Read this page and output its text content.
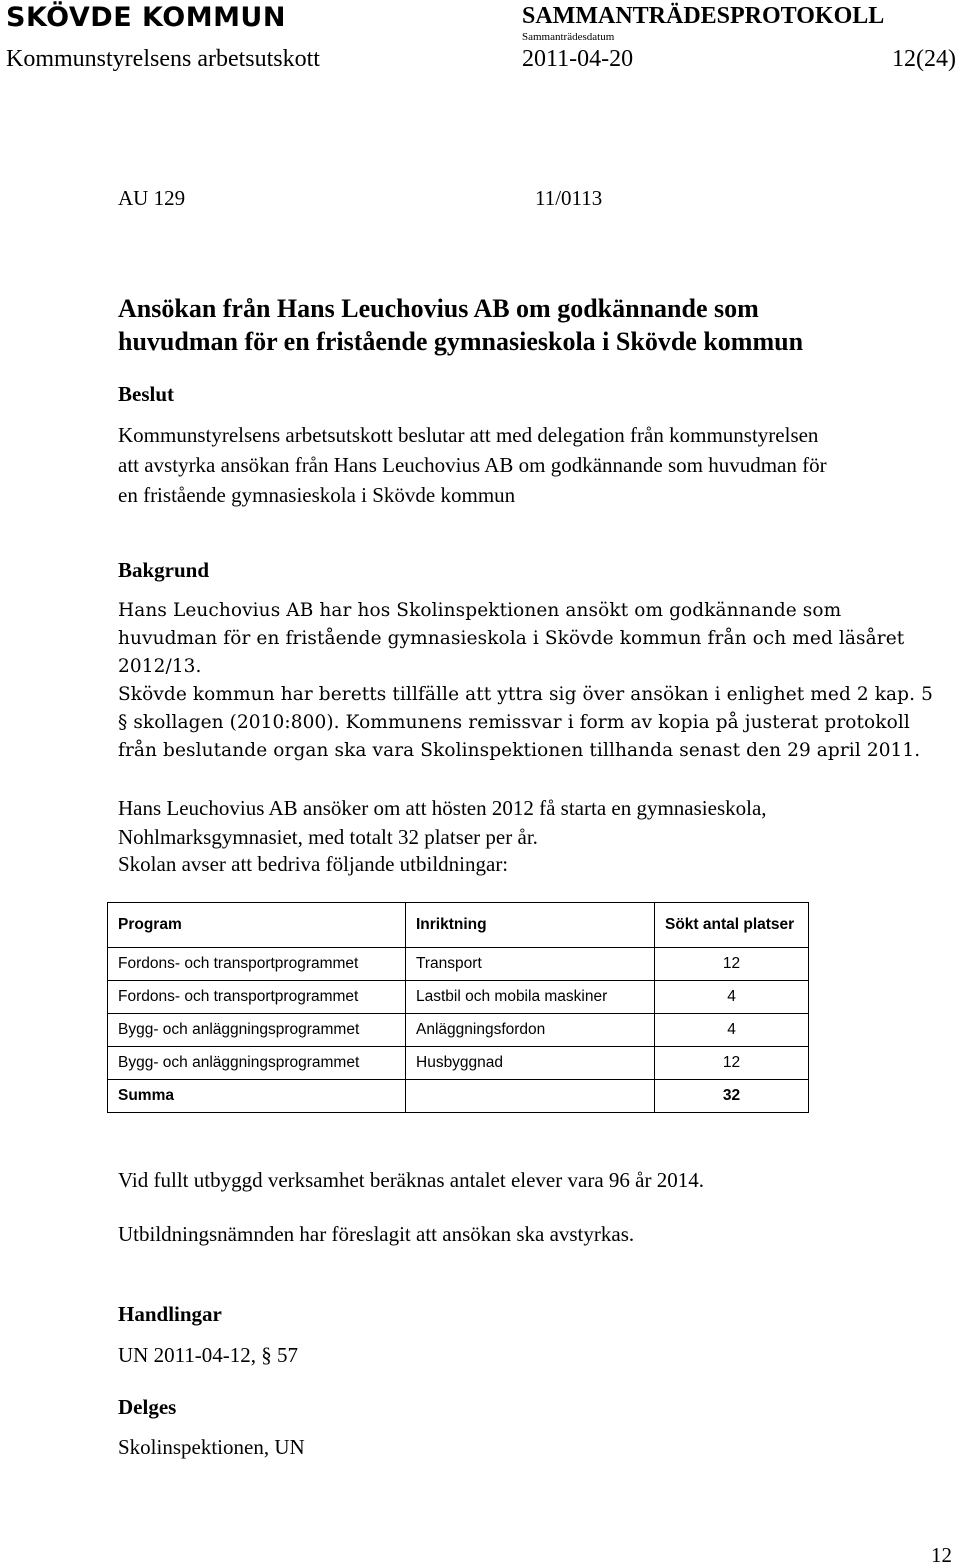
SKÖVDE KOMMUN	SAMMANTRÄDESPROTOKOLL
Sammanträdesdatum
Kommunstyrelsens arbetsutskott	2011-04-20	12(24)
AU 129	11/0113
Ansökan från Hans Leuchovius AB om godkännande som
huvudman för en fristående gymnasieskola i Skövde kommun
Beslut
Kommunstyrelsens arbetsutskott beslutar att med delegation från kommunstyrelsen
att avstyrka ansökan från Hans Leuchovius AB om godkännande som huvudman för
en fristående gymnasieskola i Skövde kommun
Bakgrund
Hans Leuchovius AB har hos Skolinspektionen ansökt om godkännande som
huvudman för en fristående gymnasieskola i Skövde kommun från och med läsåret
2012/13.
Skövde kommun har beretts tillfälle att yttra sig över ansökan i enlighet med 2 kap. 5
§ skollagen (2010:800). Kommunens remissvar i form av kopia på justerat protokoll
från beslutande organ ska vara Skolinspektionen tillhanda senast den 29 april 2011.
Hans Leuchovius AB ansöker om att hösten 2012 få starta en gymnasieskola,
Nohlmarksgymnasiet, med totalt 32 platser per år.
Skolan avser att bedriva följande utbildningar:
Program	Inriktning	Sökt antal platser
Fordons- och transportprogrammet	Transport	12
Fordons- och transportprogrammet	Lastbil och mobila maskiner	4
Bygg- och anläggningsprogrammet	Anläggningsfordon	4
Bygg- och anläggningsprogrammet	Husbyggnad	12
Summa		32
Vid fullt utbyggd verksamhet beräknas antalet elever vara 96 år 2014.
Utbildningsnämnden har föreslagit att ansökan ska avstyrkas.
Handlingar
UN 2011-04-12, § 57
Delges
Skolinspektionen, UN
12
